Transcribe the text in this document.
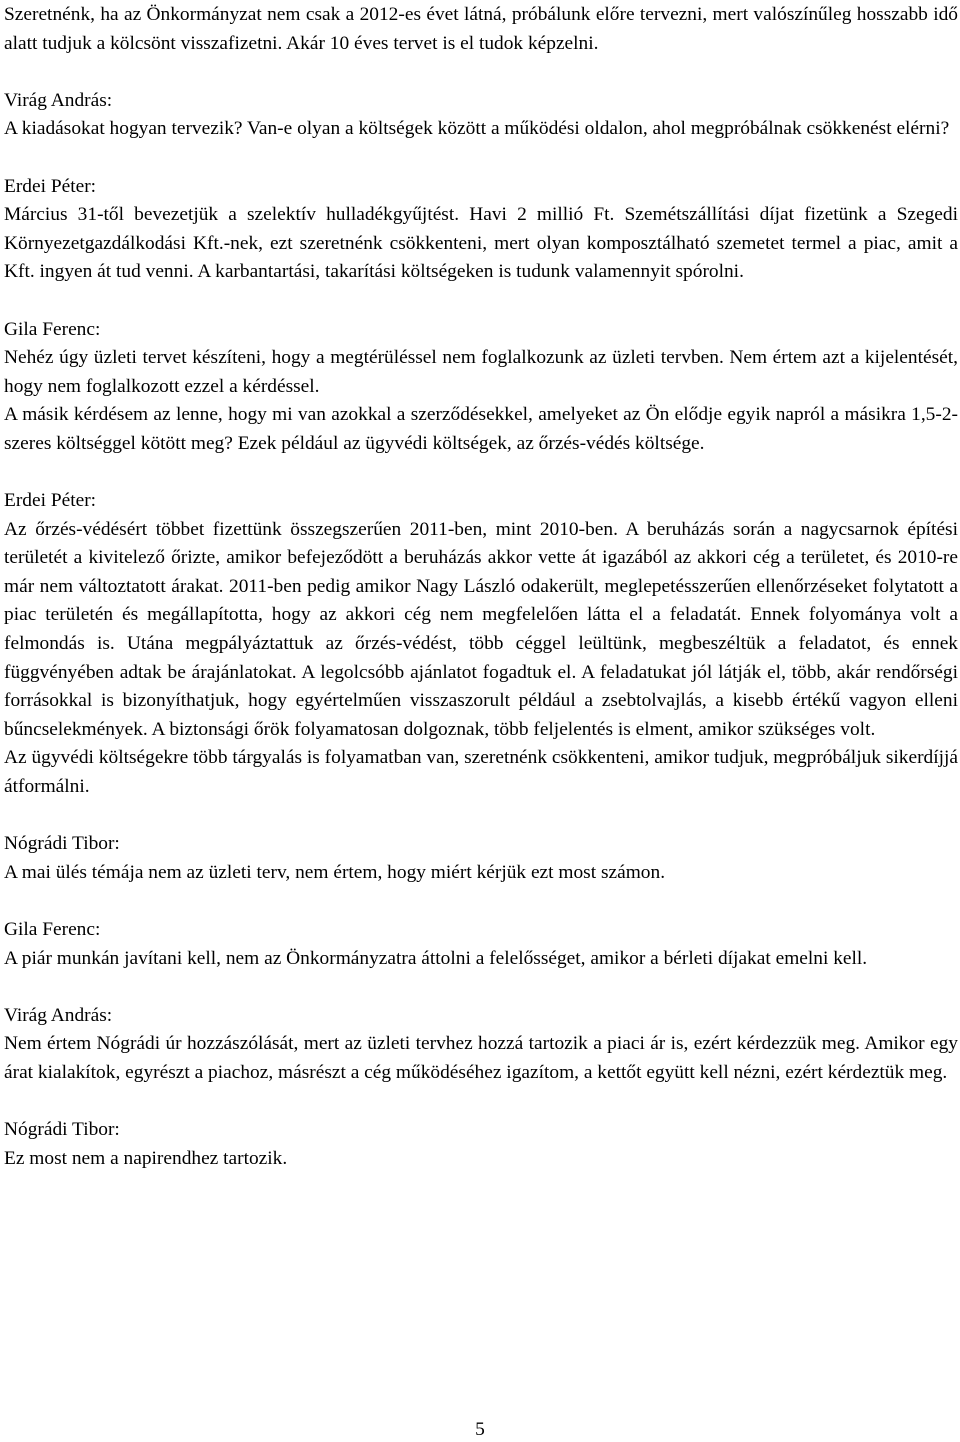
Szeretnénk, ha az Önkormányzat nem csak a 2012-es évet látná, próbálunk előre tervezni, mert valószínűleg hosszabb idő alatt tudjuk a kölcsönt visszafizetni. Akár 10 éves tervet is el tudok képzelni.

Virág András:

A kiadásokat hogyan tervezik? Van-e olyan a költségek között a működési oldalon, ahol megpróbálnak csökkenést elérni?

Erdei Péter:

Március 31-től bevezetjük a szelektív hulladékgyűjtést. Havi 2 millió Ft. Szemétszállítási díjat fizetünk a Szegedi Környezetgazdálkodási Kft.-nek, ezt szeretnénk csökkenteni, mert olyan komposztálható szemetet termel a piac, amit a Kft. ingyen át tud venni. A karbantartási, takarítási költségeken is tudunk valamennyit spórolni.

Gila Ferenc:

Nehéz úgy üzleti tervet készíteni, hogy a megtérüléssel nem foglalkozunk az üzleti tervben. Nem értem azt a kijelentését, hogy nem foglalkozott ezzel a kérdéssel.

A másik kérdésem az lenne, hogy mi van azokkal a szerződésekkel, amelyeket az Ön elődje egyik napról a másikra 1,5-2-szeres költséggel kötött meg? Ezek például az ügyvédi költségek, az őrzés-védés költsége.

Erdei Péter:

Az őrzés-védésért többet fizettünk összegszerűen 2011-ben, mint 2010-ben. A beruházás során a nagycsarnok építési területét a kivitelező őrizte, amikor befejeződött a beruházás akkor vette át igazából az akkori cég a területet, és 2010-re már nem változtatott árakat. 2011-ben pedig amikor Nagy László odakerült, meglepetésszerűen ellenőrzéseket folytatott a piac területén és megállapította, hogy az akkori cég nem megfelelően látta el a feladatát. Ennek folyománya volt a felmondás is. Utána megpályáztattuk az őrzés-védést, több céggel leültünk, megbeszéltük a feladatot, és ennek függvényében adtak be árajánlatokat. A legolcsóbb ajánlatot fogadtuk el. A feladatukat jól látják el, több, akár rendőrségi forrásokkal is bizonyíthatjuk, hogy egyértelműen visszaszorult például a zsebtolvajlás, a kisebb értékű vagyon elleni bűncselekmények. A biztonsági őrök folyamatosan dolgoznak, több feljelentés is elment, amikor szükséges volt.

Az ügyvédi költségekre több tárgyalás is folyamatban van, szeretnénk csökkenteni, amikor tudjuk, megpróbáljuk sikerdíjjá átformálni.

Nógrádi Tibor:

A mai ülés témája nem az üzleti terv, nem értem, hogy miért kérjük ezt most számon.

Gila Ferenc:

A piár munkán javítani kell, nem az Önkormányzatra áttolni a felelősséget, amikor a bérleti díjakat emelni kell.

Virág András:

Nem értem Nógrádi úr hozzászólását, mert az üzleti tervhez hozzá tartozik a piaci ár is, ezért kérdezzük meg. Amikor egy árat kialakítok, egyrészt a piachoz, másrészt a cég működéséhez igazítom, a kettőt együtt kell nézni, ezért kérdeztük meg.

Nógrádi Tibor:

Ez most nem a napirendhez tartozik.

5
